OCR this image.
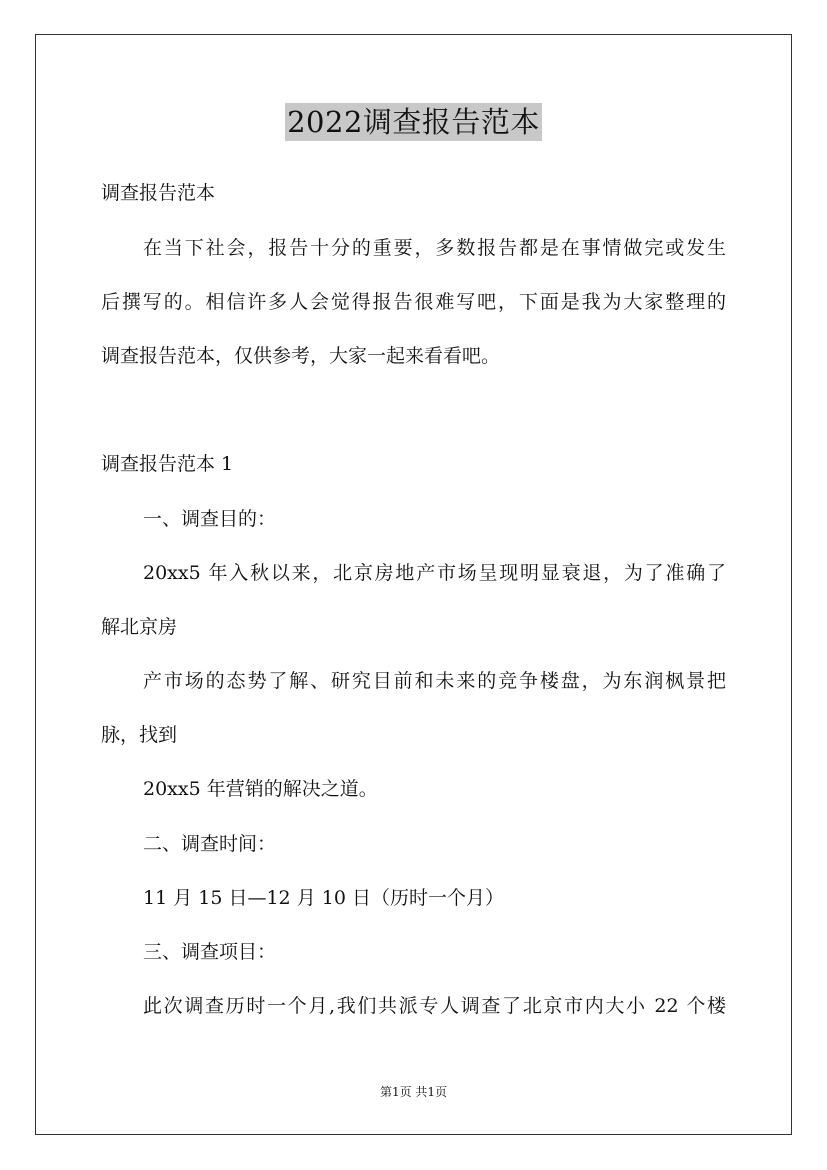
2022调查报告范本
调查报告范本
在当下社会，报告十分的重要，多数报告都是在事情做完或发生
后撰写的。相信许多人会觉得报告很难写吧，下面是我为大家整理的
调查报告范本，仅供参考，大家一起来看看吧。
调查报告范本 1
一、调查目的：
20xx5 年入秋以来，北京房地产市场呈现明显衰退，为了准确了
解北京房
产市场的态势了解、研究目前和未来的竞争楼盘，为东润枫景把
脉，找到
20xx5 年营销的解决之道。
二、调查时间：
11 月 15 日—12 月 10 日（历时一个月）
三、调查项目：
此次调查历时一个月,我们共派专人调查了北京市内大小 22 个楼
第1页 共1页
